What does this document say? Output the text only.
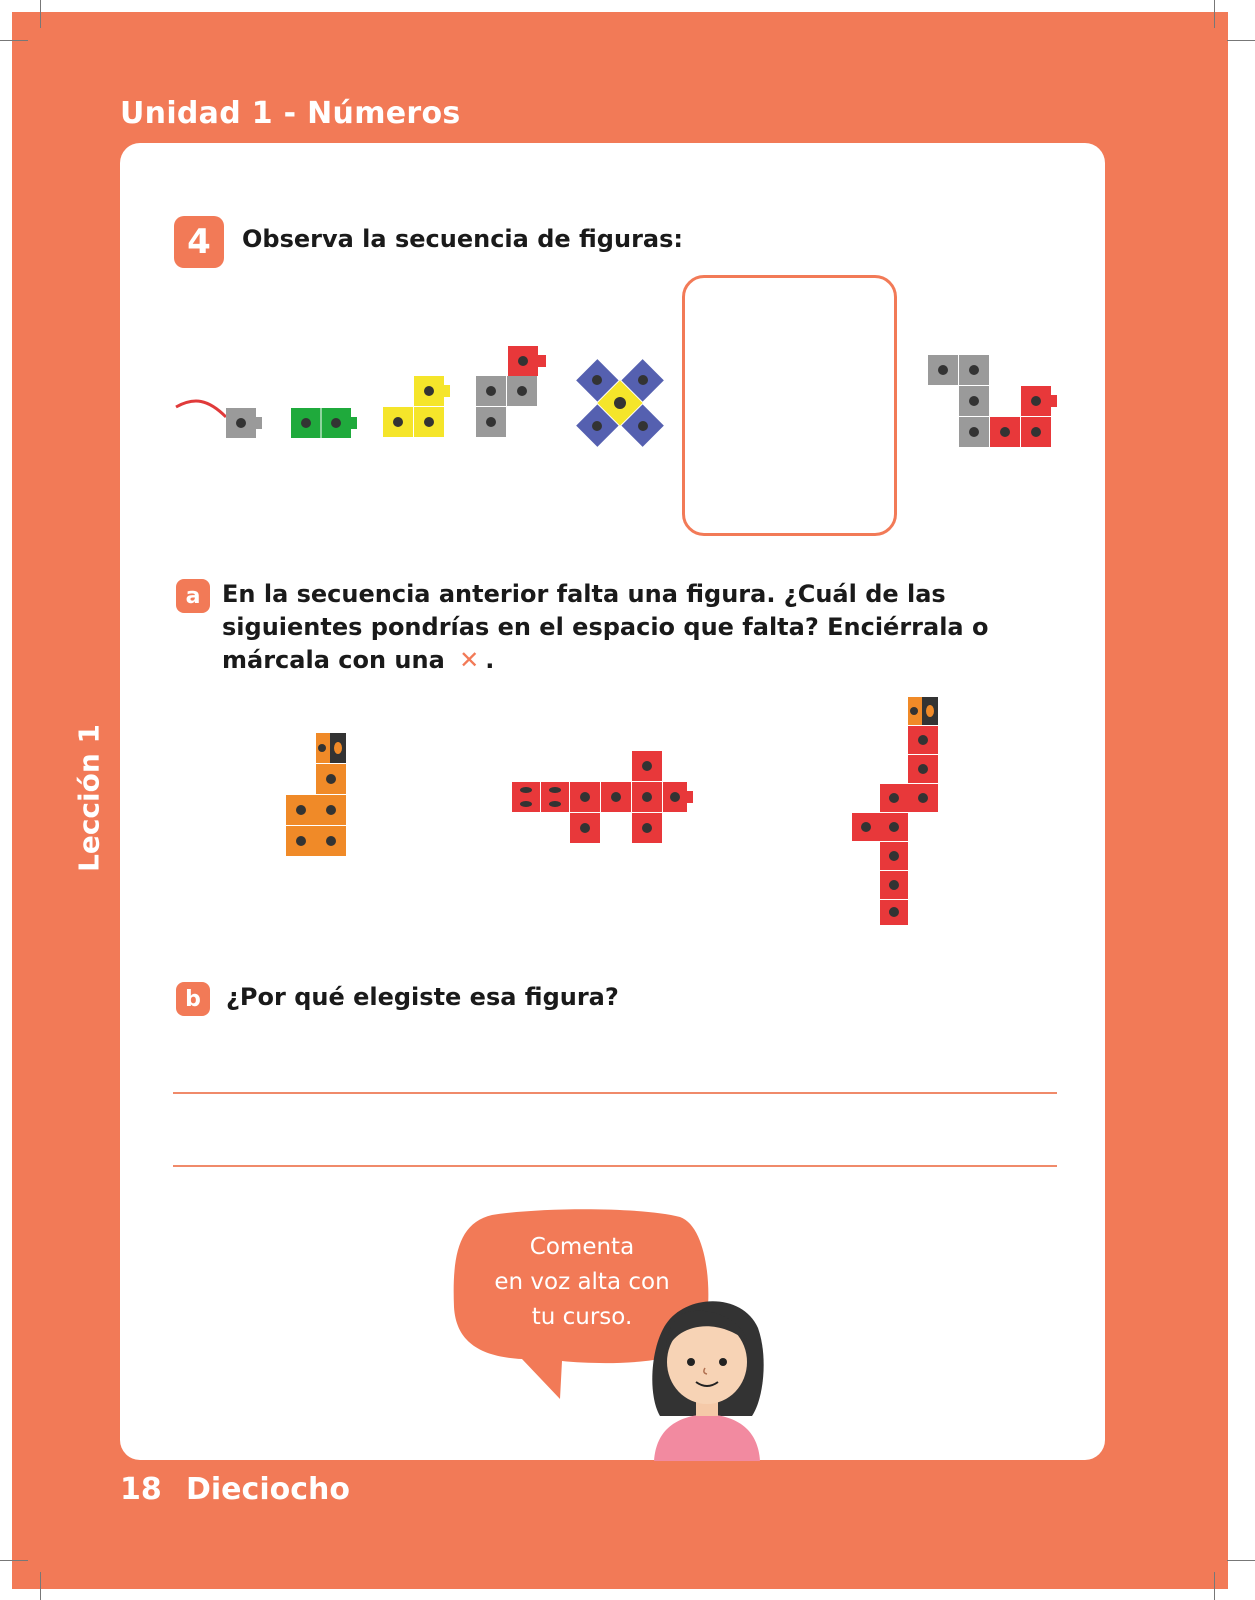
Unidad 1 - Números
Lección 1
4	Observa la secuencia de figuras:
a En la secuencia anterior falta una figura. ¿Cuál de las siguientes pondrías en el espacio que falta? Enciérrala o márcala con una ✕ .
b	¿Por qué elegiste esa figura?
Comenta
en voz alta con
tu curso.
18 Dieciocho
